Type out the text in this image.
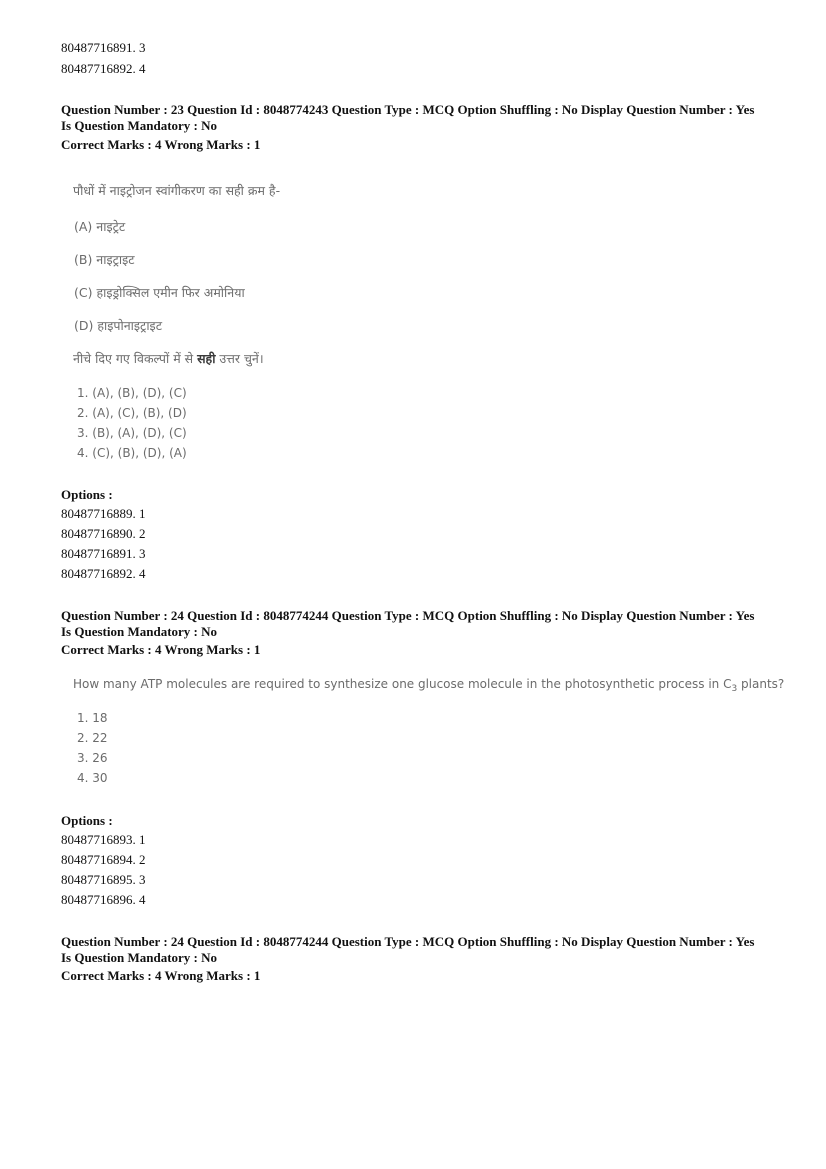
80487716891. 3
80487716892. 4
Question Number : 23 Question Id : 8048774243 Question Type : MCQ Option Shuffling : No Display Question Number : Yes
Is Question Mandatory : No
Correct Marks : 4 Wrong Marks : 1
पौधों में नाइट्रोजन स्वांगीकरण का सही क्रम है-
(A) नाइट्रेट
(B) नाइट्राइट
(C) हाइड्रोक्सिल एमीन फिर अमोनिया
(D) हाइपोनाइट्राइट
नीचे दिए गए विकल्पों में से सही उत्तर चुनें।
1. (A), (B), (D), (C)
2. (A), (C), (B), (D)
3. (B), (A), (D), (C)
4. (C), (B), (D), (A)
Options :
80487716889. 1
80487716890. 2
80487716891. 3
80487716892. 4
Question Number : 24 Question Id : 8048774244 Question Type : MCQ Option Shuffling : No Display Question Number : Yes
Is Question Mandatory : No
Correct Marks : 4 Wrong Marks : 1
How many ATP molecules are required to synthesize one glucose molecule in the photosynthetic process in $C_3$ plants?
1. 18
2. 22
3. 26
4. 30
Options :
80487716893. 1
80487716894. 2
80487716895. 3
80487716896. 4
Question Number : 24 Question Id : 8048774244 Question Type : MCQ Option Shuffling : No Display Question Number : Yes
Is Question Mandatory : No
Correct Marks : 4 Wrong Marks : 1
